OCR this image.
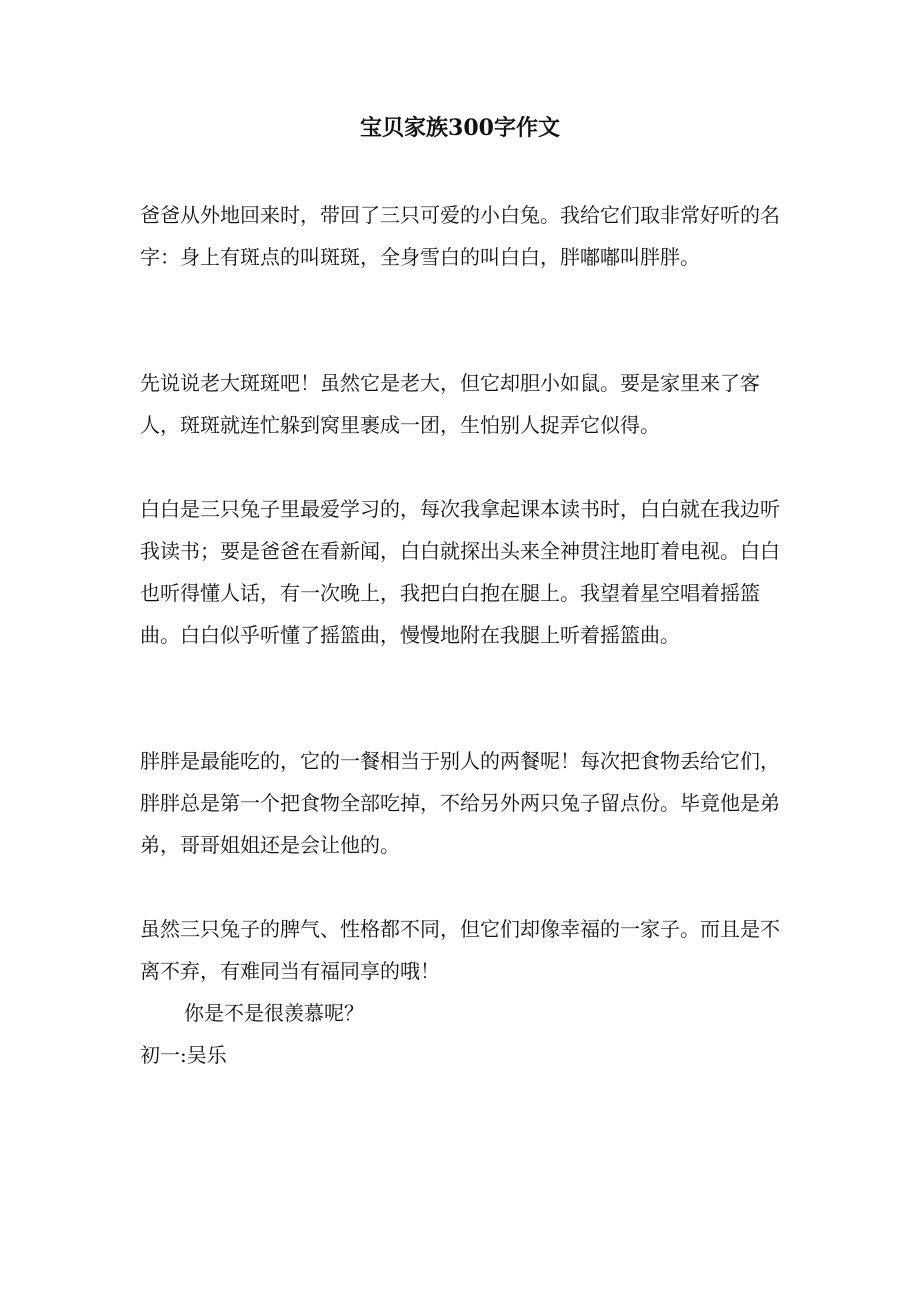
宝贝家族300字作文

爸爸从外地回来时，带回了三只可爱的小白兔。我给它们取非常好听的名字：身上有斑点的叫斑斑，全身雪白的叫白白，胖嘟嘟叫胖胖。

先说说老大斑斑吧！虽然它是老大，但它却胆小如鼠。要是家里来了客人，斑斑就连忙躲到窝里裹成一团，生怕别人捉弄它似得。

白白是三只兔子里最爱学习的，每次我拿起课本读书时，白白就在我边听我读书；要是爸爸在看新闻，白白就探出头来全神贯注地盯着电视。白白也听得懂人话，有一次晚上，我把白白抱在腿上。我望着星空唱着摇篮曲。白白似乎听懂了摇篮曲，慢慢地附在我腿上听着摇篮曲。

胖胖是最能吃的，它的一餐相当于别人的两餐呢！每次把食物丢给它们，胖胖总是第一个把食物全部吃掉，不给另外两只兔子留点份。毕竟他是弟弟，哥哥姐姐还是会让他的。

虽然三只兔子的脾气、性格都不同，但它们却像幸福的一家子。而且是不离不弃，有难同当有福同享的哦！

你是不是很羡慕呢？

初一:吴乐
